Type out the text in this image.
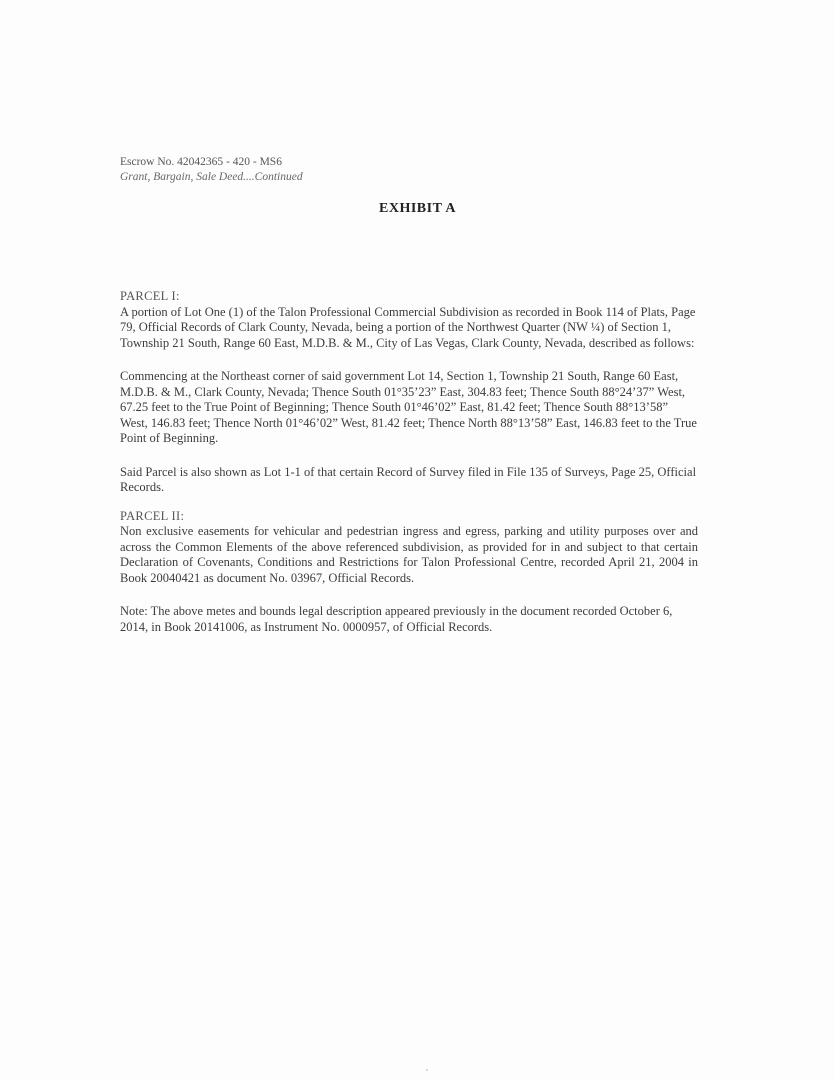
Escrow No. 42042365 - 420 - MS6
Grant, Bargain, Sale Deed....Continued
EXHIBIT A

PARCEL I:

A portion of Lot One (1) of the Talon Professional Commercial Subdivision as recorded in Book 114 of Plats, Page 79, Official Records of Clark County, Nevada, being a portion of the Northwest Quarter (NW ¼) of Section 1, Township 21 South, Range 60 East, M.D.B. & M., City of Las Vegas, Clark County, Nevada, described as follows:

Commencing at the Northeast corner of said government Lot 14, Section 1, Township 21 South, Range 60 East, M.D.B. & M., Clark County, Nevada; Thence South 01°35’23” East, 304.83 feet; Thence South 88°24’37” West, 67.25 feet to the True Point of Beginning; Thence South 01°46’02” East, 81.42 feet; Thence South 88°13’58” West, 146.83 feet; Thence North 01°46’02” West, 81.42 feet; Thence North 88°13’58” East, 146.83 feet to the True Point of Beginning.

Said Parcel is also shown as Lot 1-1 of that certain Record of Survey filed in File 135 of Surveys, Page 25, Official Records.

PARCEL II:

Non exclusive easements for vehicular and pedestrian ingress and egress, parking and utility purposes over and across the Common Elements of the above referenced subdivision, as provided for in and subject to that certain Declaration of Covenants, Conditions and Restrictions for Talon Professional Centre, recorded April 21, 2004 in Book 20040421 as document No. 03967, Official Records.

Note: The above metes and bounds legal description appeared previously in the document recorded October 6, 2014, in Book 20141006, as Instrument No. 0000957, of Official Records.
